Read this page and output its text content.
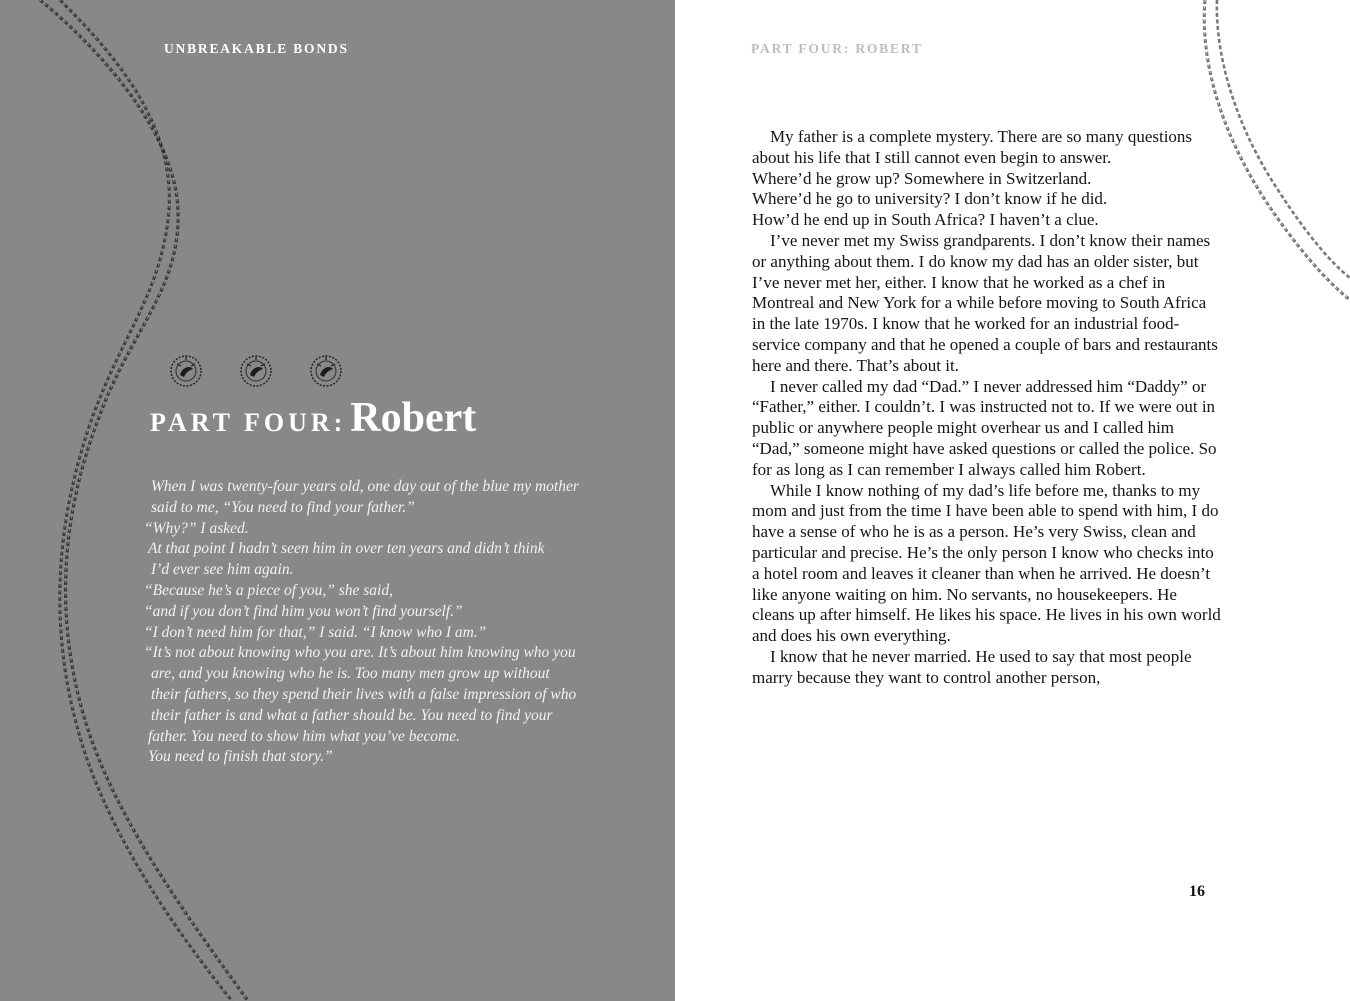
UNBREAKABLE BONDS
PART FOUR: Robert

When I was twenty-four years old, one day out of the blue my mother

said to me, “You need to find your father.”

“Why?” I asked.

At that point I hadn’t seen him in over ten years and didn’t think

I’d ever see him again.

“Because he’s a piece of you,” she said,

“and if you don’t find him you won’t find yourself.”

“I don’t need him for that,” I said. “I know who I am.”

“It’s not about knowing who you are. It’s about him knowing who you

are, and you knowing who he is. Too many men grow up without

their fathers, so they spend their lives with a false impression of who

their father is and what a father should be. You need to find your

father. You need to show him what you’ve become.

You need to finish that story.”

PART FOUR: ROBERT

My father is a complete mystery. There are so many questions about his life that I still cannot even begin to answer.

Where’d he grow up? Somewhere in Switzerland.

Where’d he go to university? I don’t know if he did.

How’d he end up in South Africa? I haven’t a clue.

I’ve never met my Swiss grandparents. I don’t know their names or anything about them. I do know my dad has an older sister, but I’ve never met her, either. I know that he worked as a chef in Montreal and New York for a while before moving to South Africa in the late 1970s. I know that he worked for an industrial food-service company and that he opened a couple of bars and restaurants here and there. That’s about it.

I never called my dad “Dad.” I never addressed him “Daddy” or “Father,” either. I couldn’t. I was instructed not to. If we were out in public or anywhere people might overhear us and I called him “Dad,” someone might have asked questions or called the police. So for as long as I can remember I always called him Robert.

While I know nothing of my dad’s life before me, thanks to my mom and just from the time I have been able to spend with him, I do have a sense of who he is as a person. He’s very Swiss, clean and particular and precise. He’s the only person I know who checks into a hotel room and leaves it cleaner than when he arrived. He doesn’t like anyone waiting on him. No servants, no housekeepers. He cleans up after himself. He likes his space. He lives in his own world and does his own everything.

I know that he never married. He used to say that most people marry because they want to control another person,

16
